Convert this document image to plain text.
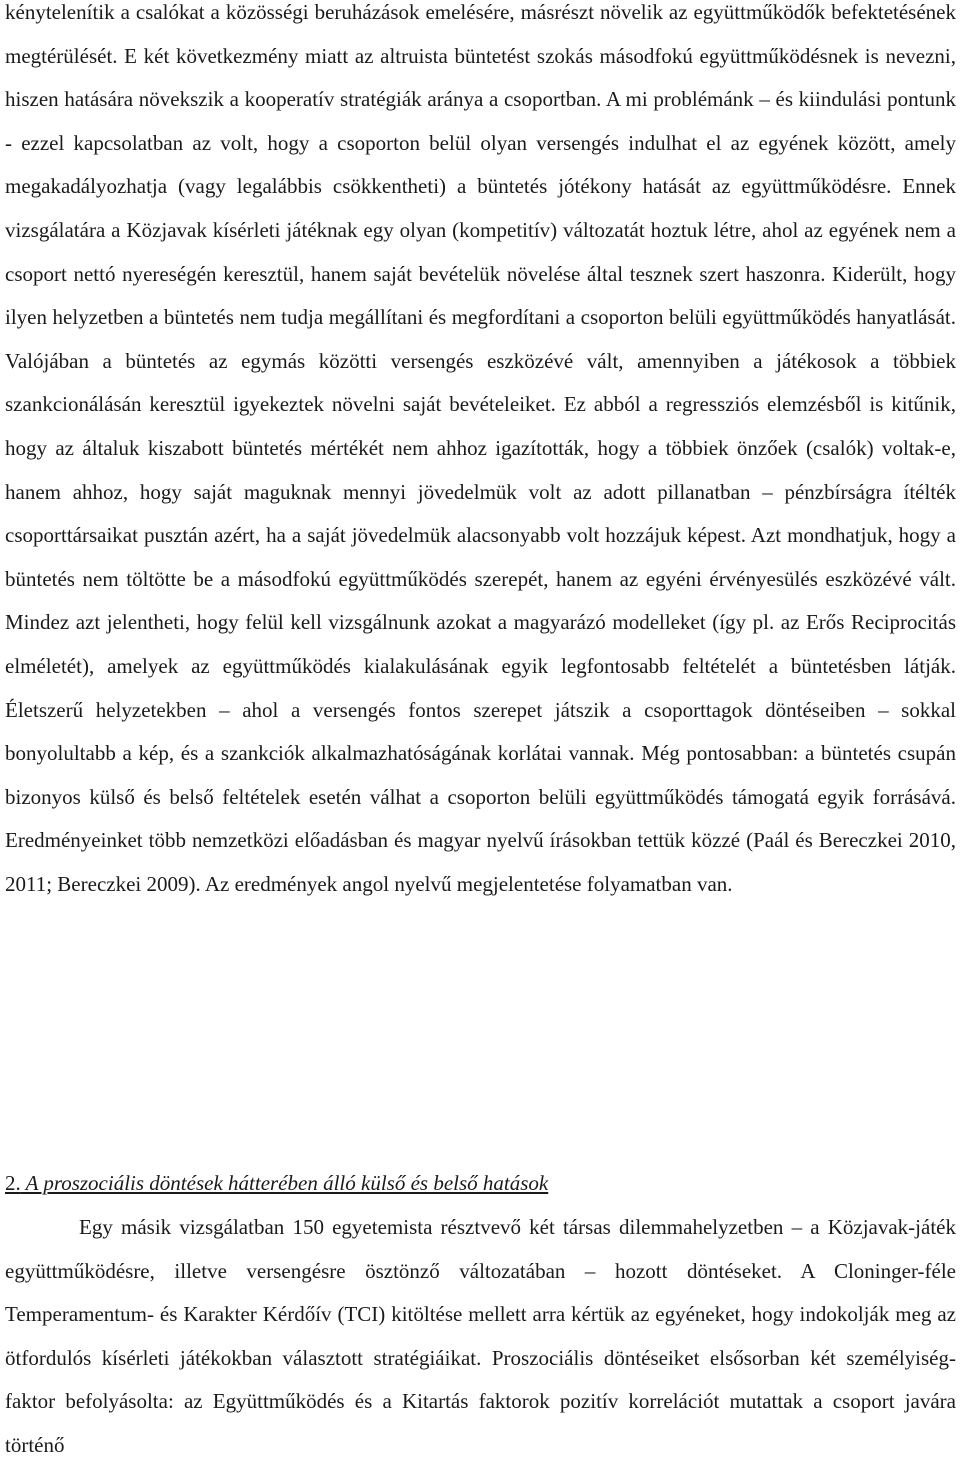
kénytelenítik a csalókat a közösségi beruházások emelésére, másrészt növelik az együttműködők befektetésének megtérülését. E két következmény miatt az altruista büntetést szokás másodfokú együttműködésnek is nevezni, hiszen hatására növekszik a kooperatív stratégiák aránya a csoportban. A mi problémánk – és kiindulási pontunk - ezzel kapcsolatban az volt, hogy a csoporton belül olyan versengés indulhat el az egyének között, amely megakadályozhatja (vagy legalábbis csökkentheti) a büntetés jótékony hatását az együttműködésre. Ennek vizsgálatára a Közjavak kísérleti játéknak egy olyan (kompetitív) változatát hoztuk létre, ahol az egyének nem a csoport nettó nyereségén keresztül, hanem saját bevételük növelése által tesznek szert haszonra. Kiderült, hogy ilyen helyzetben a büntetés nem tudja megállítani és megfordítani a csoporton belüli együttműködés hanyatlását. Valójában a büntetés az egymás közötti versengés eszközévé vált, amennyiben a játékosok a többiek szankcionálásán keresztül igyekeztek növelni saját bevételeiket. Ez abból a regressziós elemzésből is kitűnik, hogy az általuk kiszabott büntetés mértékét nem ahhoz igazították, hogy a többiek önzőek (csalók) voltak-e, hanem ahhoz, hogy saját maguknak mennyi jövedelmük volt az adott pillanatban – pénzbírságra ítélték csoporttársaikat pusztán azért, ha a saját jövedelmük alacsonyabb volt hozzájuk képest. Azt mondhatjuk, hogy a büntetés nem töltötte be a másodfokú együttműködés szerepét, hanem az egyéni érvényesülés eszközévé vált. Mindez azt jelentheti, hogy felül kell vizsgálnunk azokat a magyarázó modelleket (így pl. az Erős Reciprocitás elméletét), amelyek az együttműködés kialakulásának egyik legfontosabb feltételét a büntetésben látják. Életszerű helyzetekben – ahol a versengés fontos szerepet játszik a csoporttagok döntéseiben – sokkal bonyolultabb a kép, és a szankciók alkalmazhatóságának korlátai vannak. Még pontosabban: a büntetés csupán bizonyos külső és belső feltételek esetén válhat a csoporton belüli együttműködés támogatá egyik forrásává. Eredményeinket több nemzetközi előadásban és magyar nyelvű írásokban tettük közzé (Paál és Bereczkei 2010, 2011; Bereczkei 2009). Az eredmények angol nyelvű megjelentetése folyamatban van.

2. A proszociális döntések hátterében álló külső és belső hatások

Egy másik vizsgálatban 150 egyetemista résztvevő két társas dilemmahelyzetben – a Közjavak-játék együttműködésre, illetve versengésre ösztönző változatában – hozott döntéseket. A Cloninger-féle Temperamentum- és Karakter Kérdőív (TCI) kitöltése mellett arra kértük az egyéneket, hogy indokolják meg az ötfordulós kísérleti játékokban választott stratégiáikat. Proszociális döntéseiket elsősorban két személyiség-faktor befolyásolta: az Együttműködés és a Kitartás faktorok pozitív korrelációt mutattak a csoport javára történő
